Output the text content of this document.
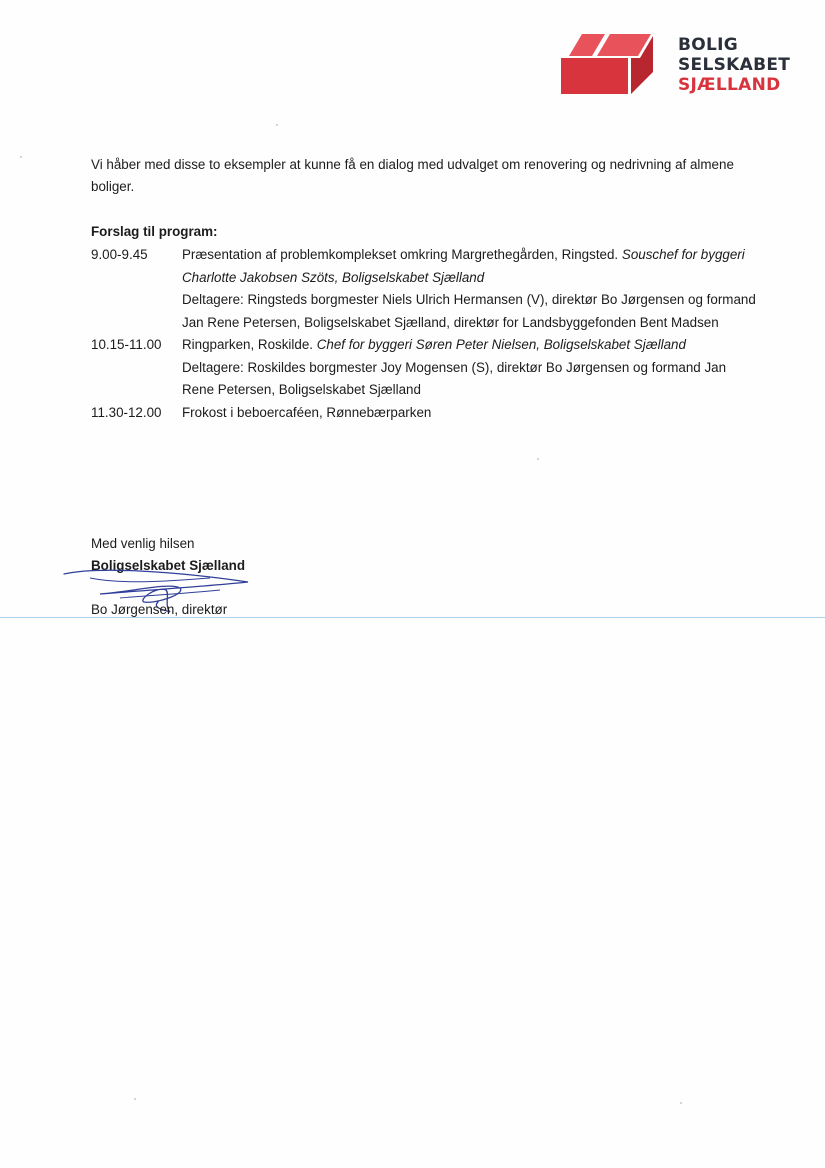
BOLIG
SELSKABET
SJÆLLAND
Vi håber med disse to eksempler at kunne få en dialog med udvalget om renovering og nedrivning af almene boliger.
Forslag til program:
9.00-9.45	Præsentation af problemkomplekset omkring Margrethegården, Ringsted. Souschef for byggeri Charlotte Jakobsen Szöts, Boligselskabet Sjælland
Deltagere: Ringsteds borgmester Niels Ulrich Hermansen (V), direktør Bo Jørgensen og formand Jan Rene Petersen, Boligselskabet Sjælland, direktør for Landsbyggefonden Bent Madsen
10.15-11.00	Ringparken, Roskilde. Chef for byggeri Søren Peter Nielsen, Boligselskabet Sjælland
Deltagere: Roskildes borgmester Joy Mogensen (S), direktør Bo Jørgensen og formand Jan Rene Petersen, Boligselskabet Sjælland
11.30-12.00	Frokost i beboercaféen, Rønnebærparken
Med venlig hilsen
Boligselskabet Sjælland
Bo Jørgensen, direktør
